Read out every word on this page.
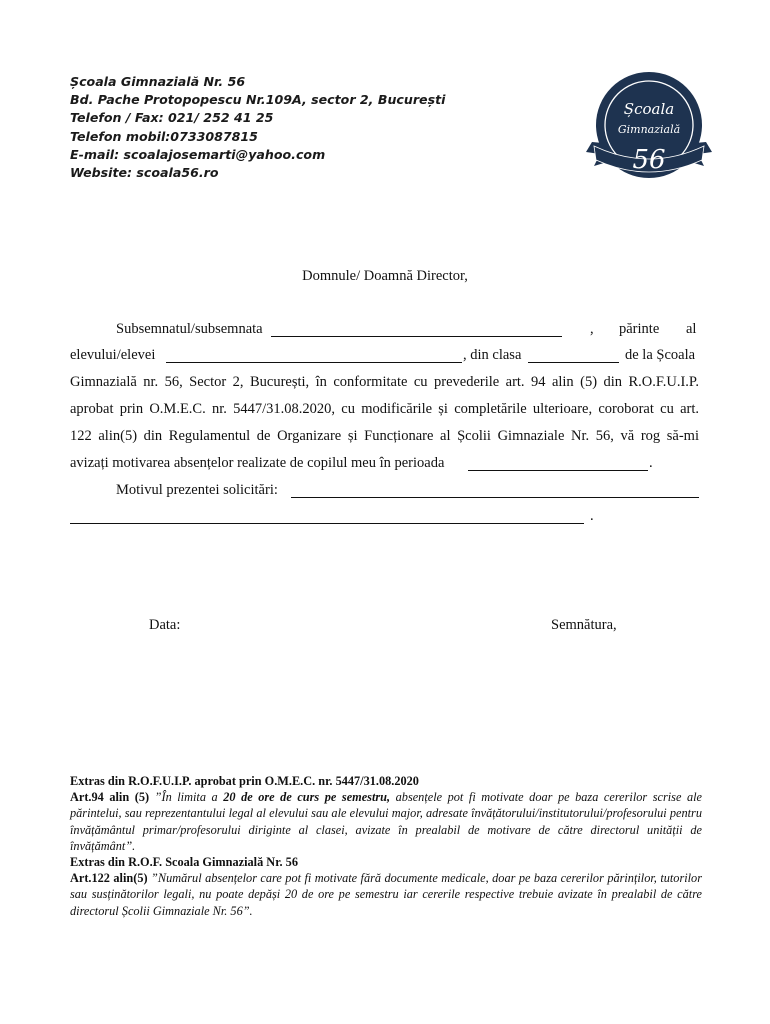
Școala Gimnazială Nr. 56
Bd. Pache Protopopescu Nr.109A, sector 2, București
Telefon / Fax: 021/ 252 41 25
Telefon mobil:0733087815
E-mail: scoalajosemarti@yahoo.com
Website: scoala56.ro
Școala
Gimnazială
56
Domnule/ Doamnă Director,
Subsemnatul/subsemnata	, părinte al
elevului/elevei	, din clasa	de la Școala
Gimnazială nr. 56, Sector 2, București, în conformitate cu prevederile art. 94 alin (5) din R.O.F.U.I.P.
aprobat prin O.M.E.C. nr. 5447/31.08.2020, cu modificările și completările ulterioare, coroborat cu art.
122 alin(5) din Regulamentul de Organizare și Funcționare al Școlii Gimnaziale Nr. 56, vă rog să-mi
avizați motivarea absențelor realizate de copilul meu în perioada	.
Motivul prezentei solicitări:
.
Data:	Semnătura,
Extras din R.O.F.U.I.P. aprobat prin O.M.E.C. nr. 5447/31.08.2020
Art.94 alin (5) ”În limita a 20 de ore de curs pe semestru, absențele pot fi motivate doar pe baza cererilor scrise ale părintelui, sau reprezentantului legal al elevului sau ale elevului major, adresate învățătorului/institutorului/profesorului pentru învățământul primar/profesorului diriginte al clasei, avizate în prealabil de motivare de către directorul unității de învățământ”.
Extras din R.O.F. Scoala Gimnazială Nr. 56
Art.122 alin(5) ”Numărul absențelor care pot fi motivate fără documente medicale, doar pe baza cererilor părinților, tutorilor sau susținătorilor legali, nu poate depăși 20 de ore pe semestru iar cererile respective trebuie avizate în prealabil de către directorul Școlii Gimnaziale Nr. 56”.
